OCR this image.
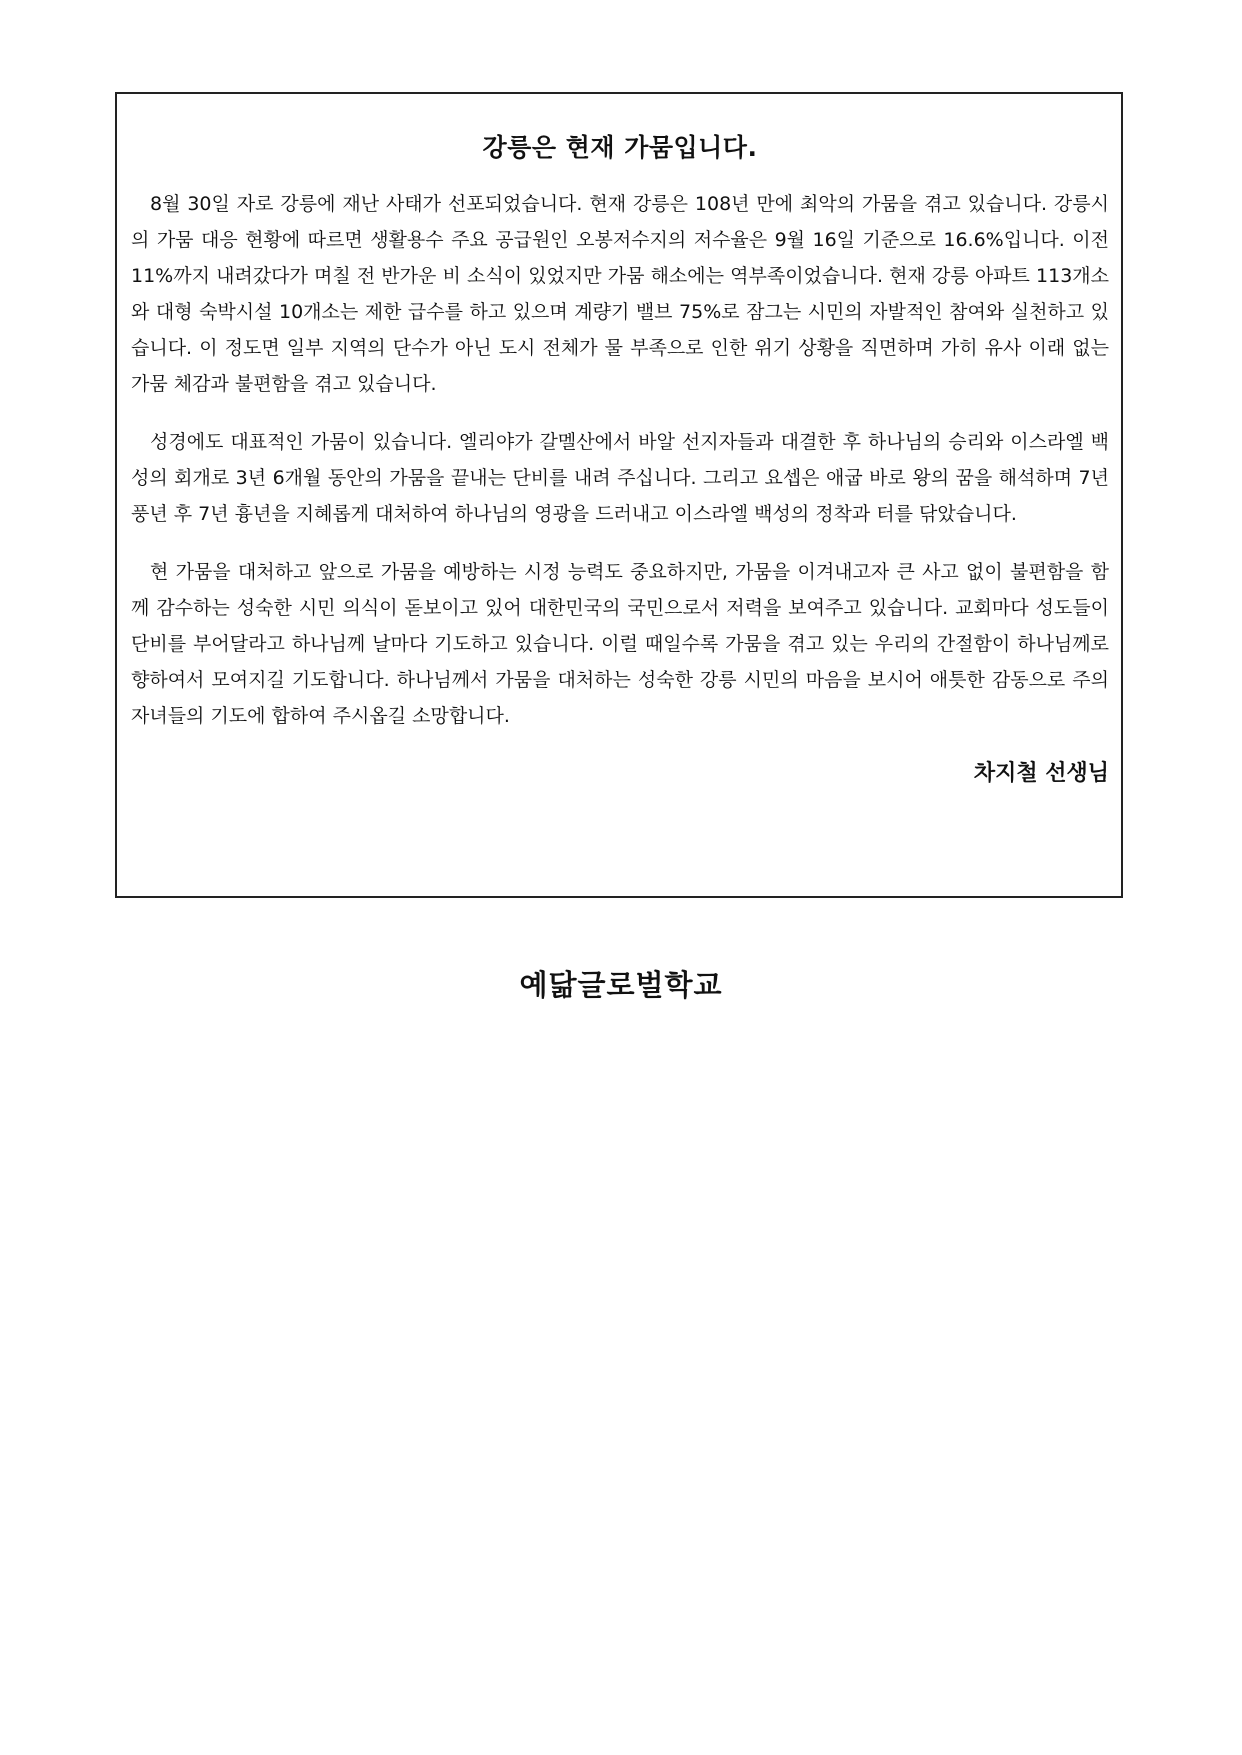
강릉은 현재 가뭄입니다.

8월 30일 자로 강릉에 재난 사태가 선포되었습니다. 현재 강릉은 108년 만에 최악의 가뭄을 겪고 있습니다. 강릉시의 가뭄 대응 현황에 따르면 생활용수 주요 공급원인 오봉저수지의 저수율은 9월 16일 기준으로 16.6%입니다. 이전 11%까지 내려갔다가 며칠 전 반가운 비 소식이 있었지만 가뭄 해소에는 역부족이었습니다. 현재 강릉 아파트 113개소와 대형 숙박시설 10개소는 제한 급수를 하고 있으며 계량기 밸브 75%로 잠그는 시민의 자발적인 참여와 실천하고 있습니다. 이 정도면 일부 지역의 단수가 아닌 도시 전체가 물 부족으로 인한 위기 상황을 직면하며 가히 유사 이래 없는 가뭄 체감과 불편함을 겪고 있습니다.

성경에도 대표적인 가뭄이 있습니다. 엘리야가 갈멜산에서 바알 선지자들과 대결한 후 하나님의 승리와 이스라엘 백성의 회개로 3년 6개월 동안의 가뭄을 끝내는 단비를 내려 주십니다. 그리고 요셉은 애굽 바로 왕의 꿈을 해석하며 7년 풍년 후 7년 흉년을 지혜롭게 대처하여 하나님의 영광을 드러내고 이스라엘 백성의 정착과 터를 닦았습니다.

현 가뭄을 대처하고 앞으로 가뭄을 예방하는 시정 능력도 중요하지만, 가뭄을 이겨내고자 큰 사고 없이 불편함을 함께 감수하는 성숙한 시민 의식이 돋보이고 있어 대한민국의 국민으로서 저력을 보여주고 있습니다. 교회마다 성도들이 단비를 부어달라고 하나님께 날마다 기도하고 있습니다. 이럴 때일수록 가뭄을 겪고 있는 우리의 간절함이 하나님께로 향하여서 모여지길 기도합니다. 하나님께서 가뭄을 대처하는 성숙한 강릉 시민의 마음을 보시어 애틋한 감동으로 주의 자녀들의 기도에 합하여 주시옵길 소망합니다.

차지철 선생님
예닮글로벌학교
